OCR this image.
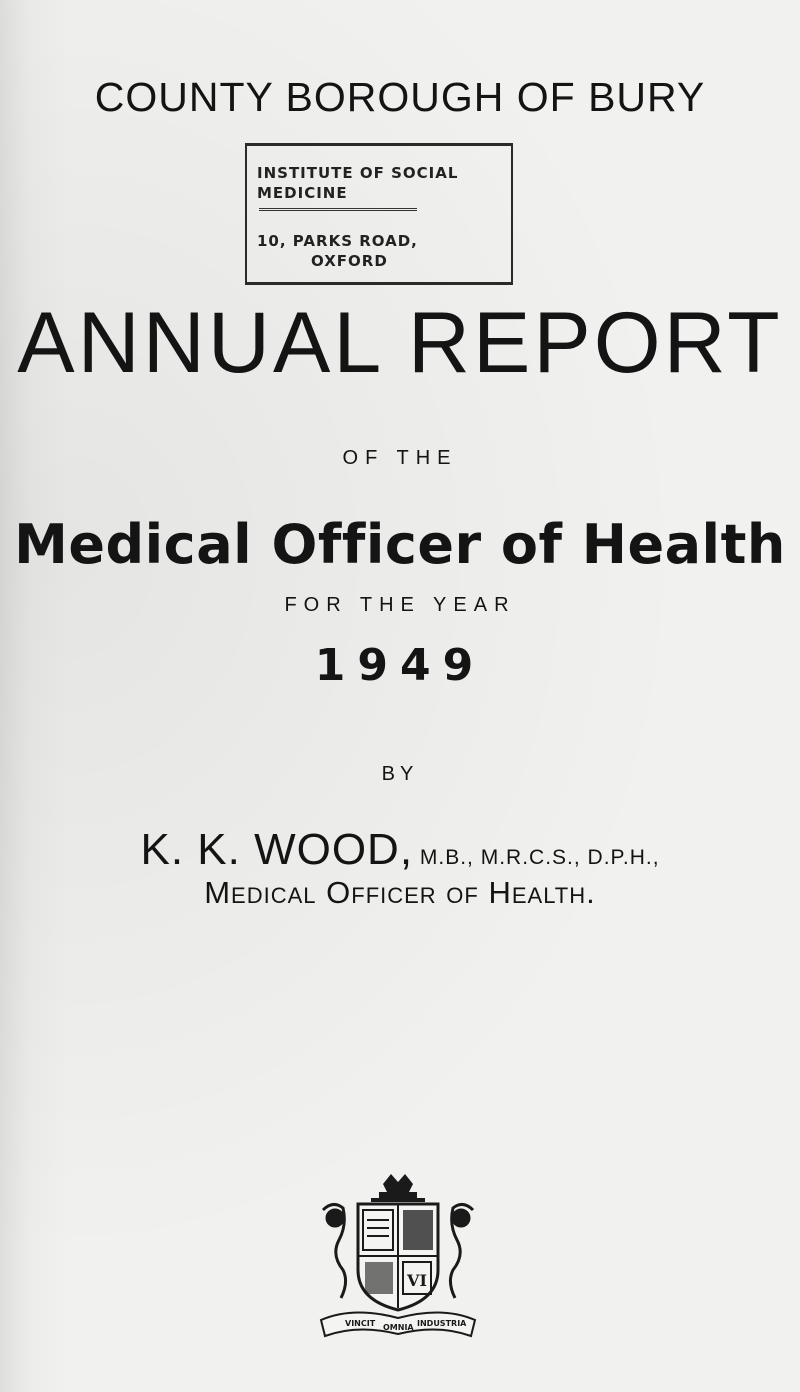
COUNTY BOROUGH OF BURY
INSTITUTE OF SOCIAL
MEDICINE
10, PARKS ROAD,
OXFORD
ANNUAL REPORT
OF THE
Medical Officer of Health
FOR THE YEAR
1949
BY
K. K. WOOD, M.B., M.R.C.S., D.P.H.,
Medical Officer of Health.
VI
VINCIT OMNIA INDUSTRIA
